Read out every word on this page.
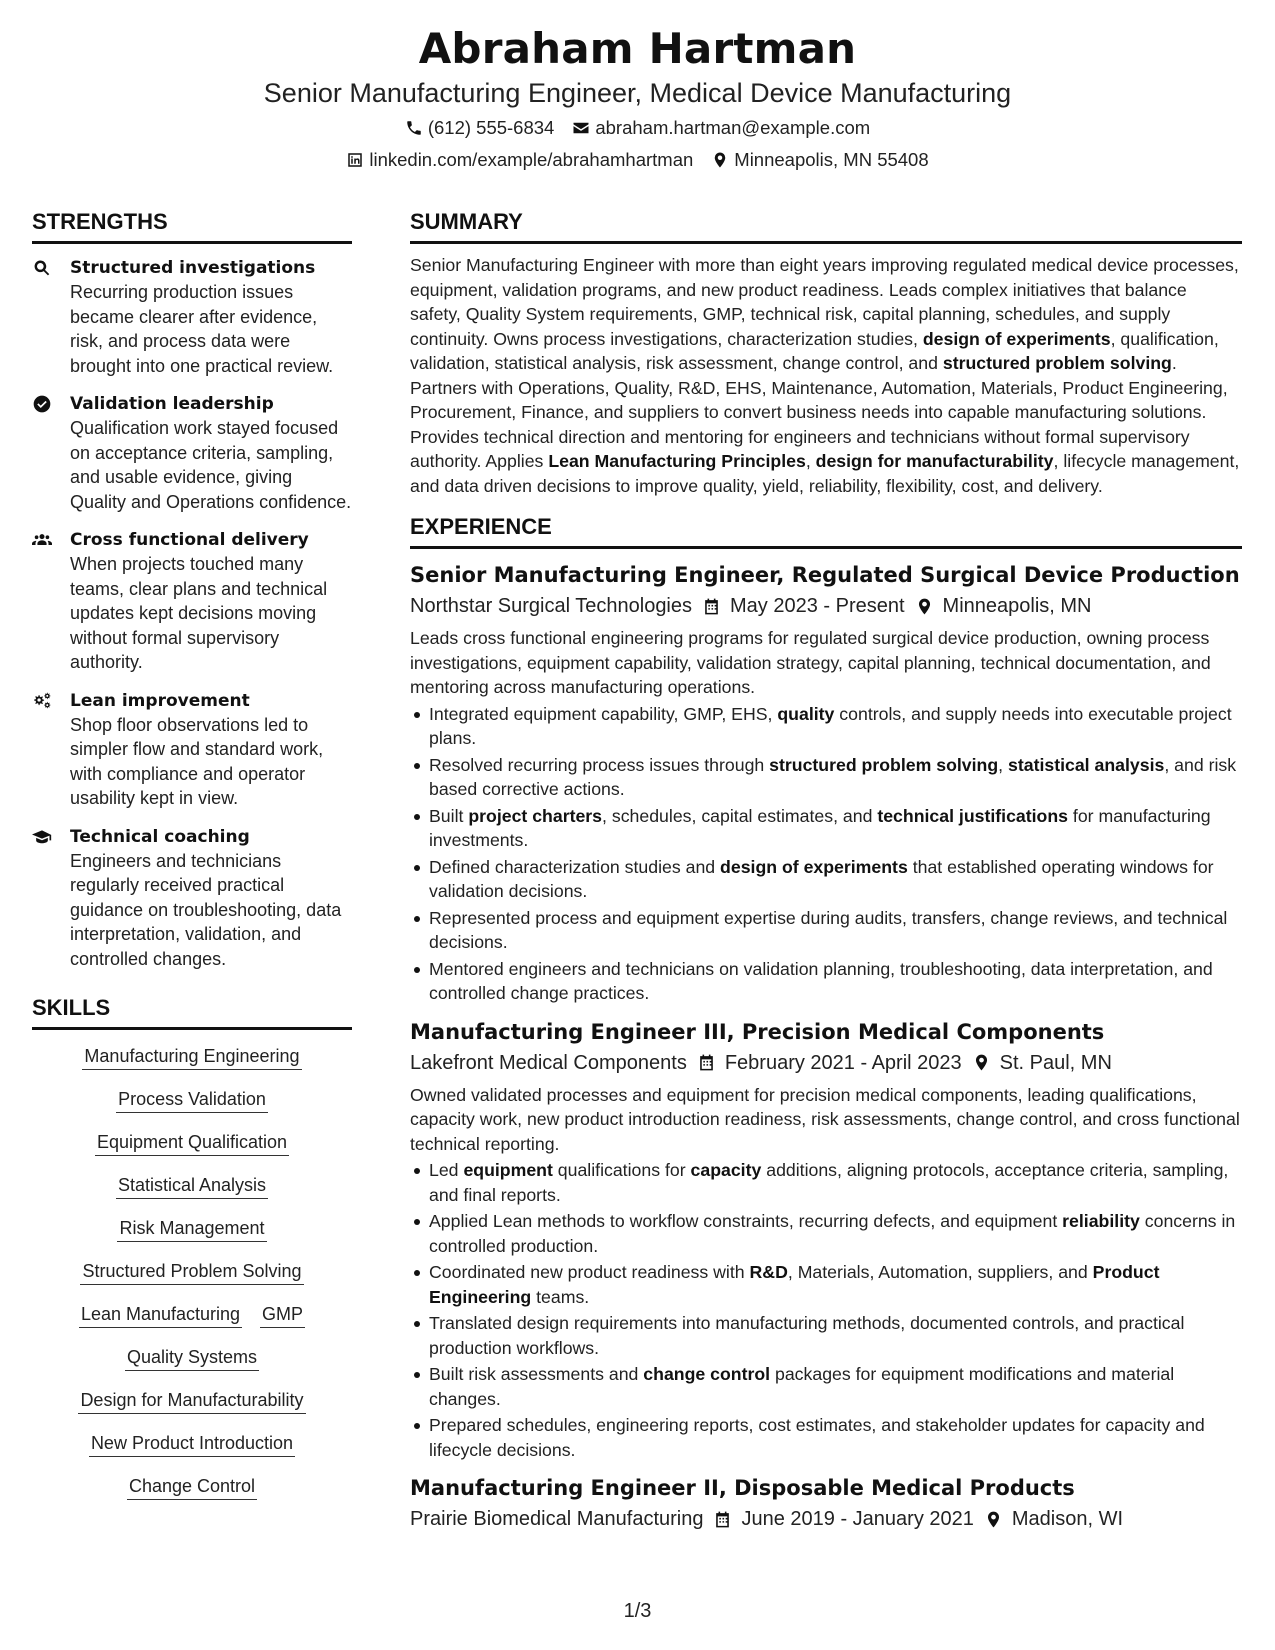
Abraham Hartman
Senior Manufacturing Engineer, Medical Device Manufacturing
(612) 555-6834 abraham.hartman@example.com
linkedin.com/example/abrahamhartman Minneapolis, MN 55408
STRENGTHS
Structured investigations
Recurring production issues became clearer after evidence, risk, and process data were brought into one practical review.
Validation leadership
Qualification work stayed focused on acceptance criteria, sampling, and usable evidence, giving Quality and Operations confidence.
Cross functional delivery
When projects touched many teams, clear plans and technical updates kept decisions moving without formal supervisory authority.
Lean improvement
Shop floor observations led to simpler flow and standard work, with compliance and operator usability kept in view.
Technical coaching
Engineers and technicians regularly received practical guidance on troubleshooting, data interpretation, validation, and controlled changes.
SKILLS
Manufacturing Engineering
Process Validation
Equipment Qualification
Statistical Analysis
Risk Management
Structured Problem Solving
Lean Manufacturing GMP
Quality Systems
Design for Manufacturability
New Product Introduction
Change Control
SUMMARY

Senior Manufacturing Engineer with more than eight years improving regulated medical device processes, equipment, validation programs, and new product readiness. Leads complex initiatives that balance safety, Quality System requirements, GMP, technical risk, capital planning, schedules, and supply continuity. Owns process investigations, characterization studies, design of experiments, qualification, validation, statistical analysis, risk assessment, change control, and structured problem solving. Partners with Operations, Quality, R&D, EHS, Maintenance, Automation, Materials, Product Engineering, Procurement, Finance, and suppliers to convert business needs into capable manufacturing solutions. Provides technical direction and mentoring for engineers and technicians without formal supervisory authority. Applies Lean Manufacturing Principles, design for manufacturability, lifecycle management, and data driven decisions to improve quality, yield, reliability, flexibility, cost, and delivery.

EXPERIENCE
Senior Manufacturing Engineer, Regulated Surgical Device Production
Northstar Surgical Technologies May 2023 - Present Minneapolis, MN

Leads cross functional engineering programs for regulated surgical device production, owning process investigations, equipment capability, validation strategy, capital planning, technical documentation, and mentoring across manufacturing operations.

Integrated equipment capability, GMP, EHS, quality controls, and supply needs into executable project plans.
Resolved recurring process issues through structured problem solving, statistical analysis, and risk based corrective actions.
Built project charters, schedules, capital estimates, and technical justifications for manufacturing investments.
Defined characterization studies and design of experiments that established operating windows for validation decisions.
Represented process and equipment expertise during audits, transfers, change reviews, and technical decisions.
Mentored engineers and technicians on validation planning, troubleshooting, data interpretation, and controlled change practices.
Manufacturing Engineer III, Precision Medical Components
Lakefront Medical Components February 2021 - April 2023 St. Paul, MN

Owned validated processes and equipment for precision medical components, leading qualifications, capacity work, new product introduction readiness, risk assessments, change control, and cross functional technical reporting.

Led equipment qualifications for capacity additions, aligning protocols, acceptance criteria, sampling, and final reports.
Applied Lean methods to workflow constraints, recurring defects, and equipment reliability concerns in controlled production.
Coordinated new product readiness with R&D, Materials, Automation, suppliers, and Product Engineering teams.
Translated design requirements into manufacturing methods, documented controls, and practical production workflows.
Built risk assessments and change control packages for equipment modifications and material changes.
Prepared schedules, engineering reports, cost estimates, and stakeholder updates for capacity and lifecycle decisions.
Manufacturing Engineer II, Disposable Medical Products
Prairie Biomedical Manufacturing June 2019 - January 2021 Madison, WI
1/3
